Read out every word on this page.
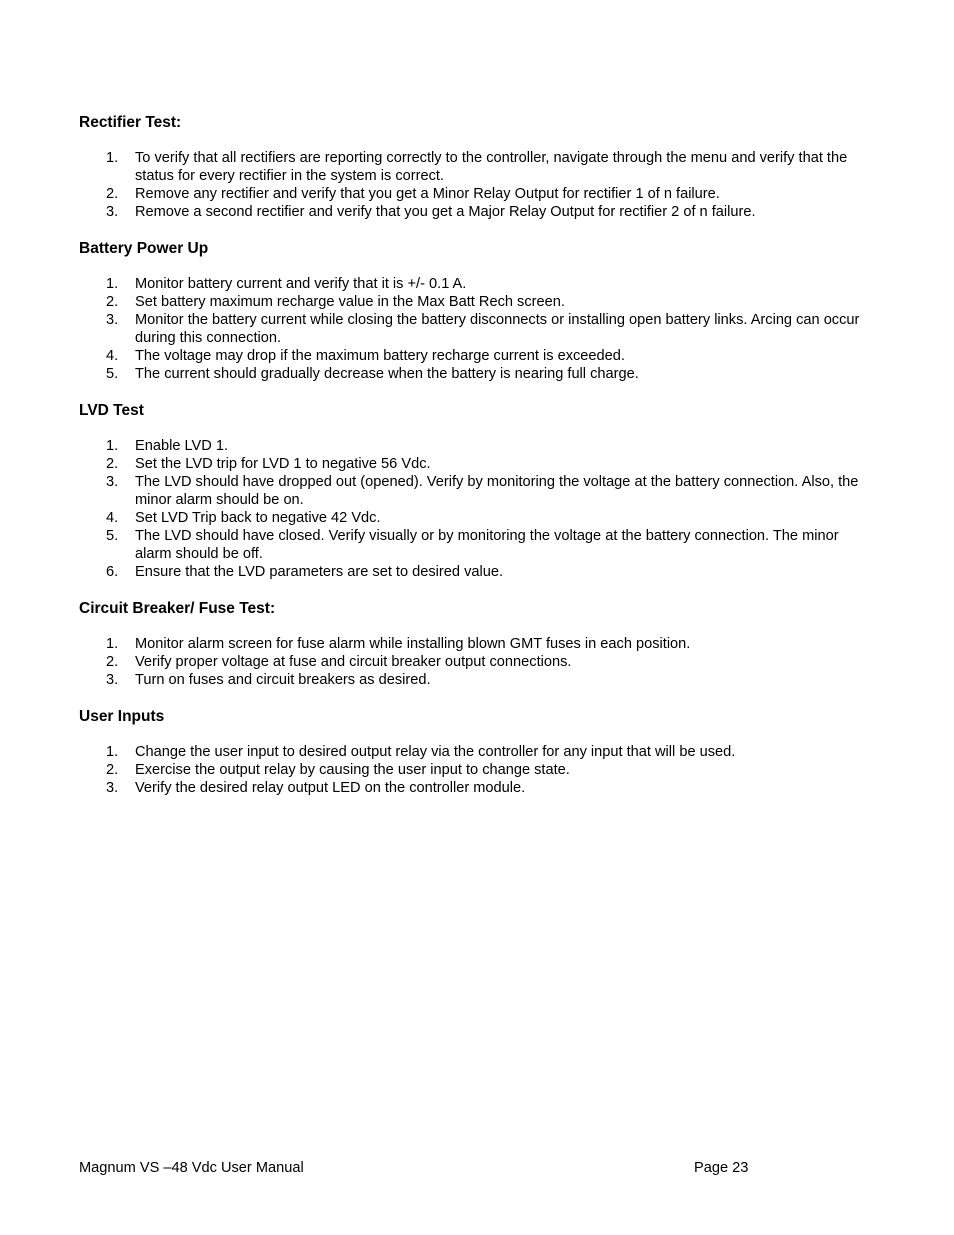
Rectifier Test:
1. To verify that all rectifiers are reporting correctly to the controller, navigate through the menu and verify that the status for every rectifier in the system is correct.
2. Remove any rectifier and verify that you get a Minor Relay Output for rectifier 1 of n failure.
3. Remove a second rectifier and verify that you get a Major Relay Output for rectifier 2 of n failure.
Battery Power Up
1. Monitor battery current and verify that it is +/- 0.1 A.
2. Set battery maximum recharge value in the Max Batt Rech screen.
3. Monitor the battery current while closing the battery disconnects or installing open battery links. Arcing can occur during this connection.
4. The voltage may drop if the maximum battery recharge current is exceeded.
5. The current should gradually decrease when the battery is nearing full charge.
LVD Test
1. Enable LVD 1.
2. Set the LVD trip for LVD 1 to negative 56 Vdc.
3. The LVD should have dropped out (opened). Verify by monitoring the voltage at the battery connection. Also, the minor alarm should be on.
4. Set LVD Trip back to negative 42 Vdc.
5. The LVD should have closed. Verify visually or by monitoring the voltage at the battery connection. The minor alarm should be off.
6. Ensure that the LVD parameters are set to desired value.
Circuit Breaker/ Fuse Test:
1. Monitor alarm screen for fuse alarm while installing blown GMT fuses in each position.
2. Verify proper voltage at fuse and circuit breaker output connections.
3. Turn on fuses and circuit breakers as desired.
User Inputs
1. Change the user input to desired output relay via the controller for any input that will be used.
2. Exercise the output relay by causing the user input to change state.
3. Verify the desired relay output LED on the controller module.
Magnum VS –48 Vdc User Manual	Page 23
